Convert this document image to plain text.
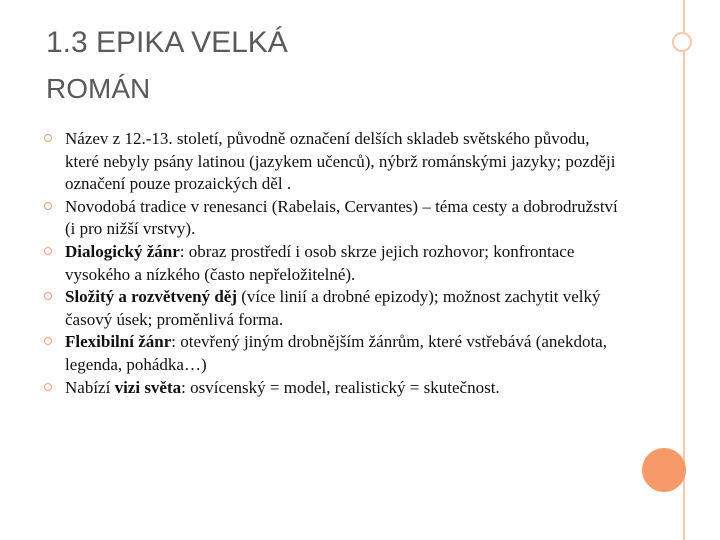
1.3 EPIKA VELKÁ
ROMÁN
Název z 12.-13. století, původně označení delších skladeb světského původu, které nebyly psány latinou (jazykem učenců), nýbrž románskými jazyky; později označení pouze prozaických děl .
Novodobá tradice v renesanci (Rabelais, Cervantes) – téma cesty a dobrodružství (i pro nižší vrstvy).
Dialogický žánr: obraz prostředí i osob skrze jejich rozhovor; konfrontace vysokého a nízkého (často nepřeložitelné).
Složitý a rozvětvený děj (více linií a drobné epizody); možnost zachytit velký časový úsek; proměnlivá forma.
Flexibilní žánr: otevřený jiným drobnějším žánrům, které vstřebává (anekdota, legenda, pohádka…)
Nabízí vizi světa: osvícenský = model, realistický = skutečnost.
